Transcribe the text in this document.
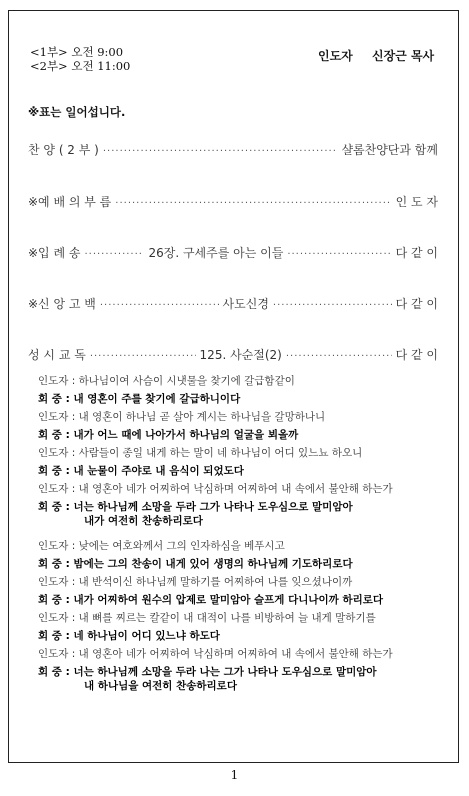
<1부> 오전 9:00
<2부> 오전 11:00
인도자 신장근 목사
※표는 일어섭니다.
찬 양 ( 2 부 ) ·····	샬롬찬양단과 함께
※예 배 의 부 름 ·····	인 도 자
※입 례 송 ·····	26장. 구세주를 아는 이들 ·····	다 같 이
※신 앙 고 백 ·····	사도신경 ·····	다 같 이
성 시 교 독 ·····	125. 사순절(2) ·····	다 같 이
인도자 : 하나님이여 사슴이 시냇물을 찾기에 갈급함같이
회 중 : 내 영혼이 주를 찾기에 갈급하니이다
인도자 : 내 영혼이 하나님 곧 살아 계시는 하나님을 갈망하나니
회 중 : 내가 어느 때에 나아가서 하나님의 얼굴을 뵈올까
인도자 : 사람들이 종일 내게 하는 말이 네 하나님이 어디 있느뇨 하오니
회 중 : 내 눈물이 주야로 내 음식이 되었도다
인도자 : 내 영혼아 네가 어찌하여 낙심하며 어찌하여 내 속에서 불안해 하는가
회 중 : 너는 하나님께 소망을 두라 그가 나타나 도우심으로 말미암아
내가 여전히 찬송하리로다
인도자 : 낮에는 여호와께서 그의 인자하심을 베푸시고
회 중 : 밤에는 그의 찬송이 내게 있어 생명의 하나님께 기도하리로다
인도자 : 내 반석이신 하나님께 말하기를 어찌하여 나를 잊으셨나이까
회 중 : 내가 어찌하여 원수의 압제로 말미암아 슬프게 다니나이까 하리로다
인도자 : 내 뼈를 찌르는 칼같이 내 대적이 나를 비방하여 늘 내게 말하기를
회 중 : 네 하나님이 어디 있느냐 하도다
인도자 : 내 영혼아 네가 어찌하여 낙심하며 어찌하여 내 속에서 불안해 하는가
회 중 : 너는 하나님께 소망을 두라 나는 그가 나타나 도우심으로 말미암아
내 하나님을 여전히 찬송하리로다
1
